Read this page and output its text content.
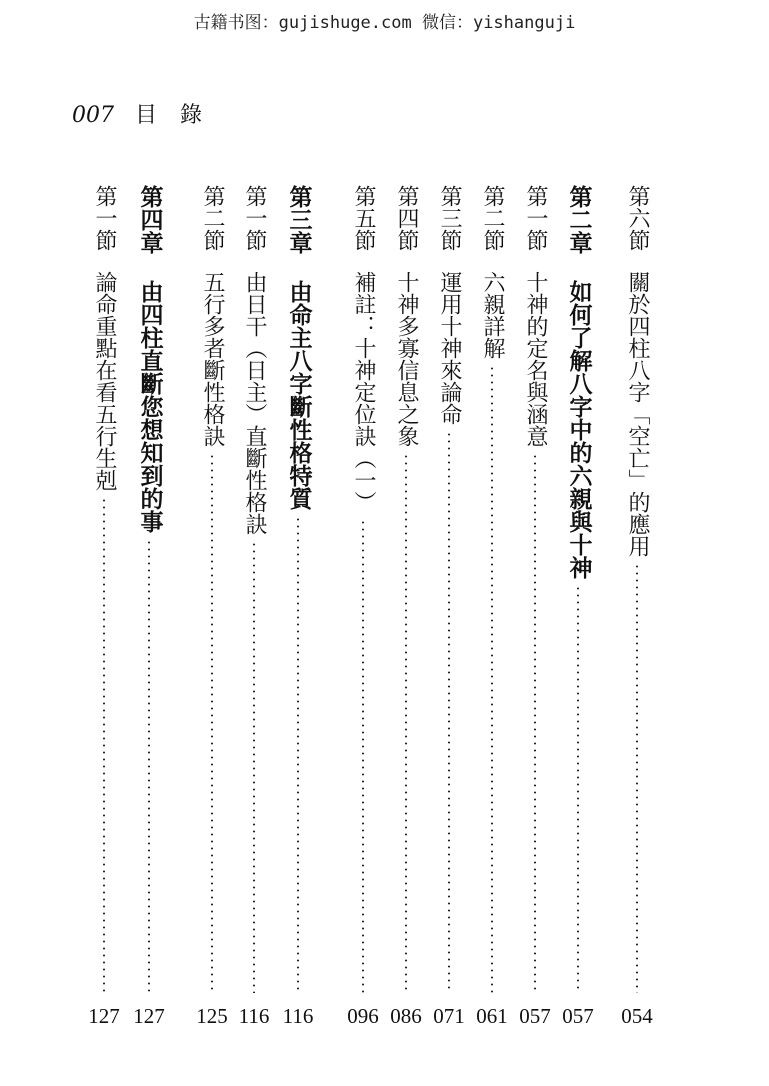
古籍书图：gujishuge.com 微信：yishanguji
007 目 錄
第六節
關於四柱八字「空亡」的應用
054
第二章
如何了解八字中的六親與十神
057
第一節
十神的定名與涵意
057
第二節
六親詳解
061
第三節
運用十神來論命
071
第四節
十神多寡信息之象
086
第五節
補註：十神定位訣（一）
096
第三章
由命主八字斷性格特質
116
第一節
由日干（日主）直斷性格訣
116
第二節
五行多者斷性格訣
125
第四章
由四柱直斷您想知到的事
127
第一節
論命重點在看五行生剋
127
